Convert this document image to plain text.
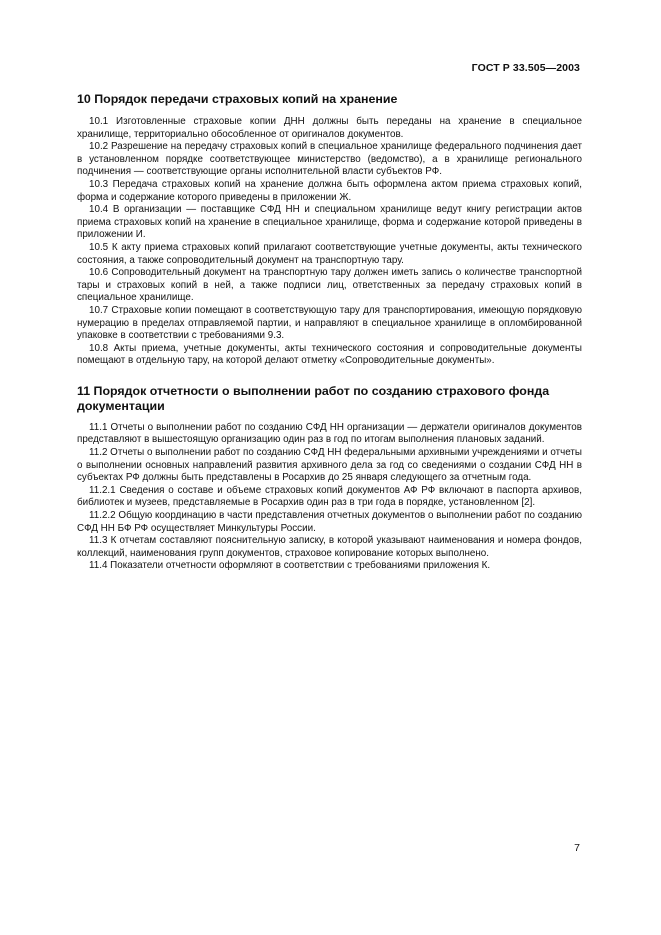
ГОСТ Р 33.505—2003
10 Порядок передачи страховых копий на хранение

10.1 Изготовленные страховые копии ДНН должны быть переданы на хранение в специальное хранилище, территориально обособленное от оригиналов документов.

10.2 Разрешение на передачу страховых копий в специальное хранилище федерального подчинения дает в установленном порядке соответствующее министерство (ведомство), а в хранилище регионального подчинения — соответствующие органы исполнительной власти субъектов РФ.

10.3 Передача страховых копий на хранение должна быть оформлена актом приема страховых копий, форма и содержание которого приведены в приложении Ж.

10.4 В организации — поставщике СФД НН и специальном хранилище ведут книгу регистрации актов приема страховых копий на хранение в специальное хранилище, форма и содержание которой приведены в приложении И.

10.5 К акту приема страховых копий прилагают соответствующие учетные документы, акты технического состояния, а также сопроводительный документ на транспортную тару.

10.6 Сопроводительный документ на транспортную тару должен иметь запись о количестве транспортной тары и страховых копий в ней, а также подписи лиц, ответственных за передачу страховых копий в специальное хранилище.

10.7 Страховые копии помещают в соответствующую тару для транспортирования, имеющую порядковую нумерацию в пределах отправляемой партии, и направляют в специальное хранилище в опломбированной упаковке в соответствии с требованиями 9.3.

10.8 Акты приема, учетные документы, акты технического состояния и сопроводительные документы помещают в отдельную тару, на которой делают отметку «Сопроводительные документы».

11 Порядок отчетности о выполнении работ по созданию страхового фонда документации

11.1 Отчеты о выполнении работ по созданию СФД НН организации — держатели оригиналов документов представляют в вышестоящую организацию один раз в год по итогам выполнения плановых заданий.

11.2 Отчеты о выполнении работ по созданию СФД НН федеральными архивными учреждениями и отчеты о выполнении основных направлений развития архивного дела за год со сведениями о создании СФД НН в субъектах РФ должны быть представлены в Росархив до 25 января следующего за отчетным года.

11.2.1 Сведения о составе и объеме страховых копий документов АФ РФ включают в паспорта архивов, библиотек и музеев, представляемые в Росархив один раз в три года в порядке, установленном [2].

11.2.2 Общую координацию в части представления отчетных документов о выполнении работ по созданию СФД НН БФ РФ осуществляет Минкультуры России.

11.3 К отчетам составляют пояснительную записку, в которой указывают наименования и номера фондов, коллекций, наименования групп документов, страховое копирование которых выполнено.

11.4 Показатели отчетности оформляют в соответствии с требованиями приложения К.

7
